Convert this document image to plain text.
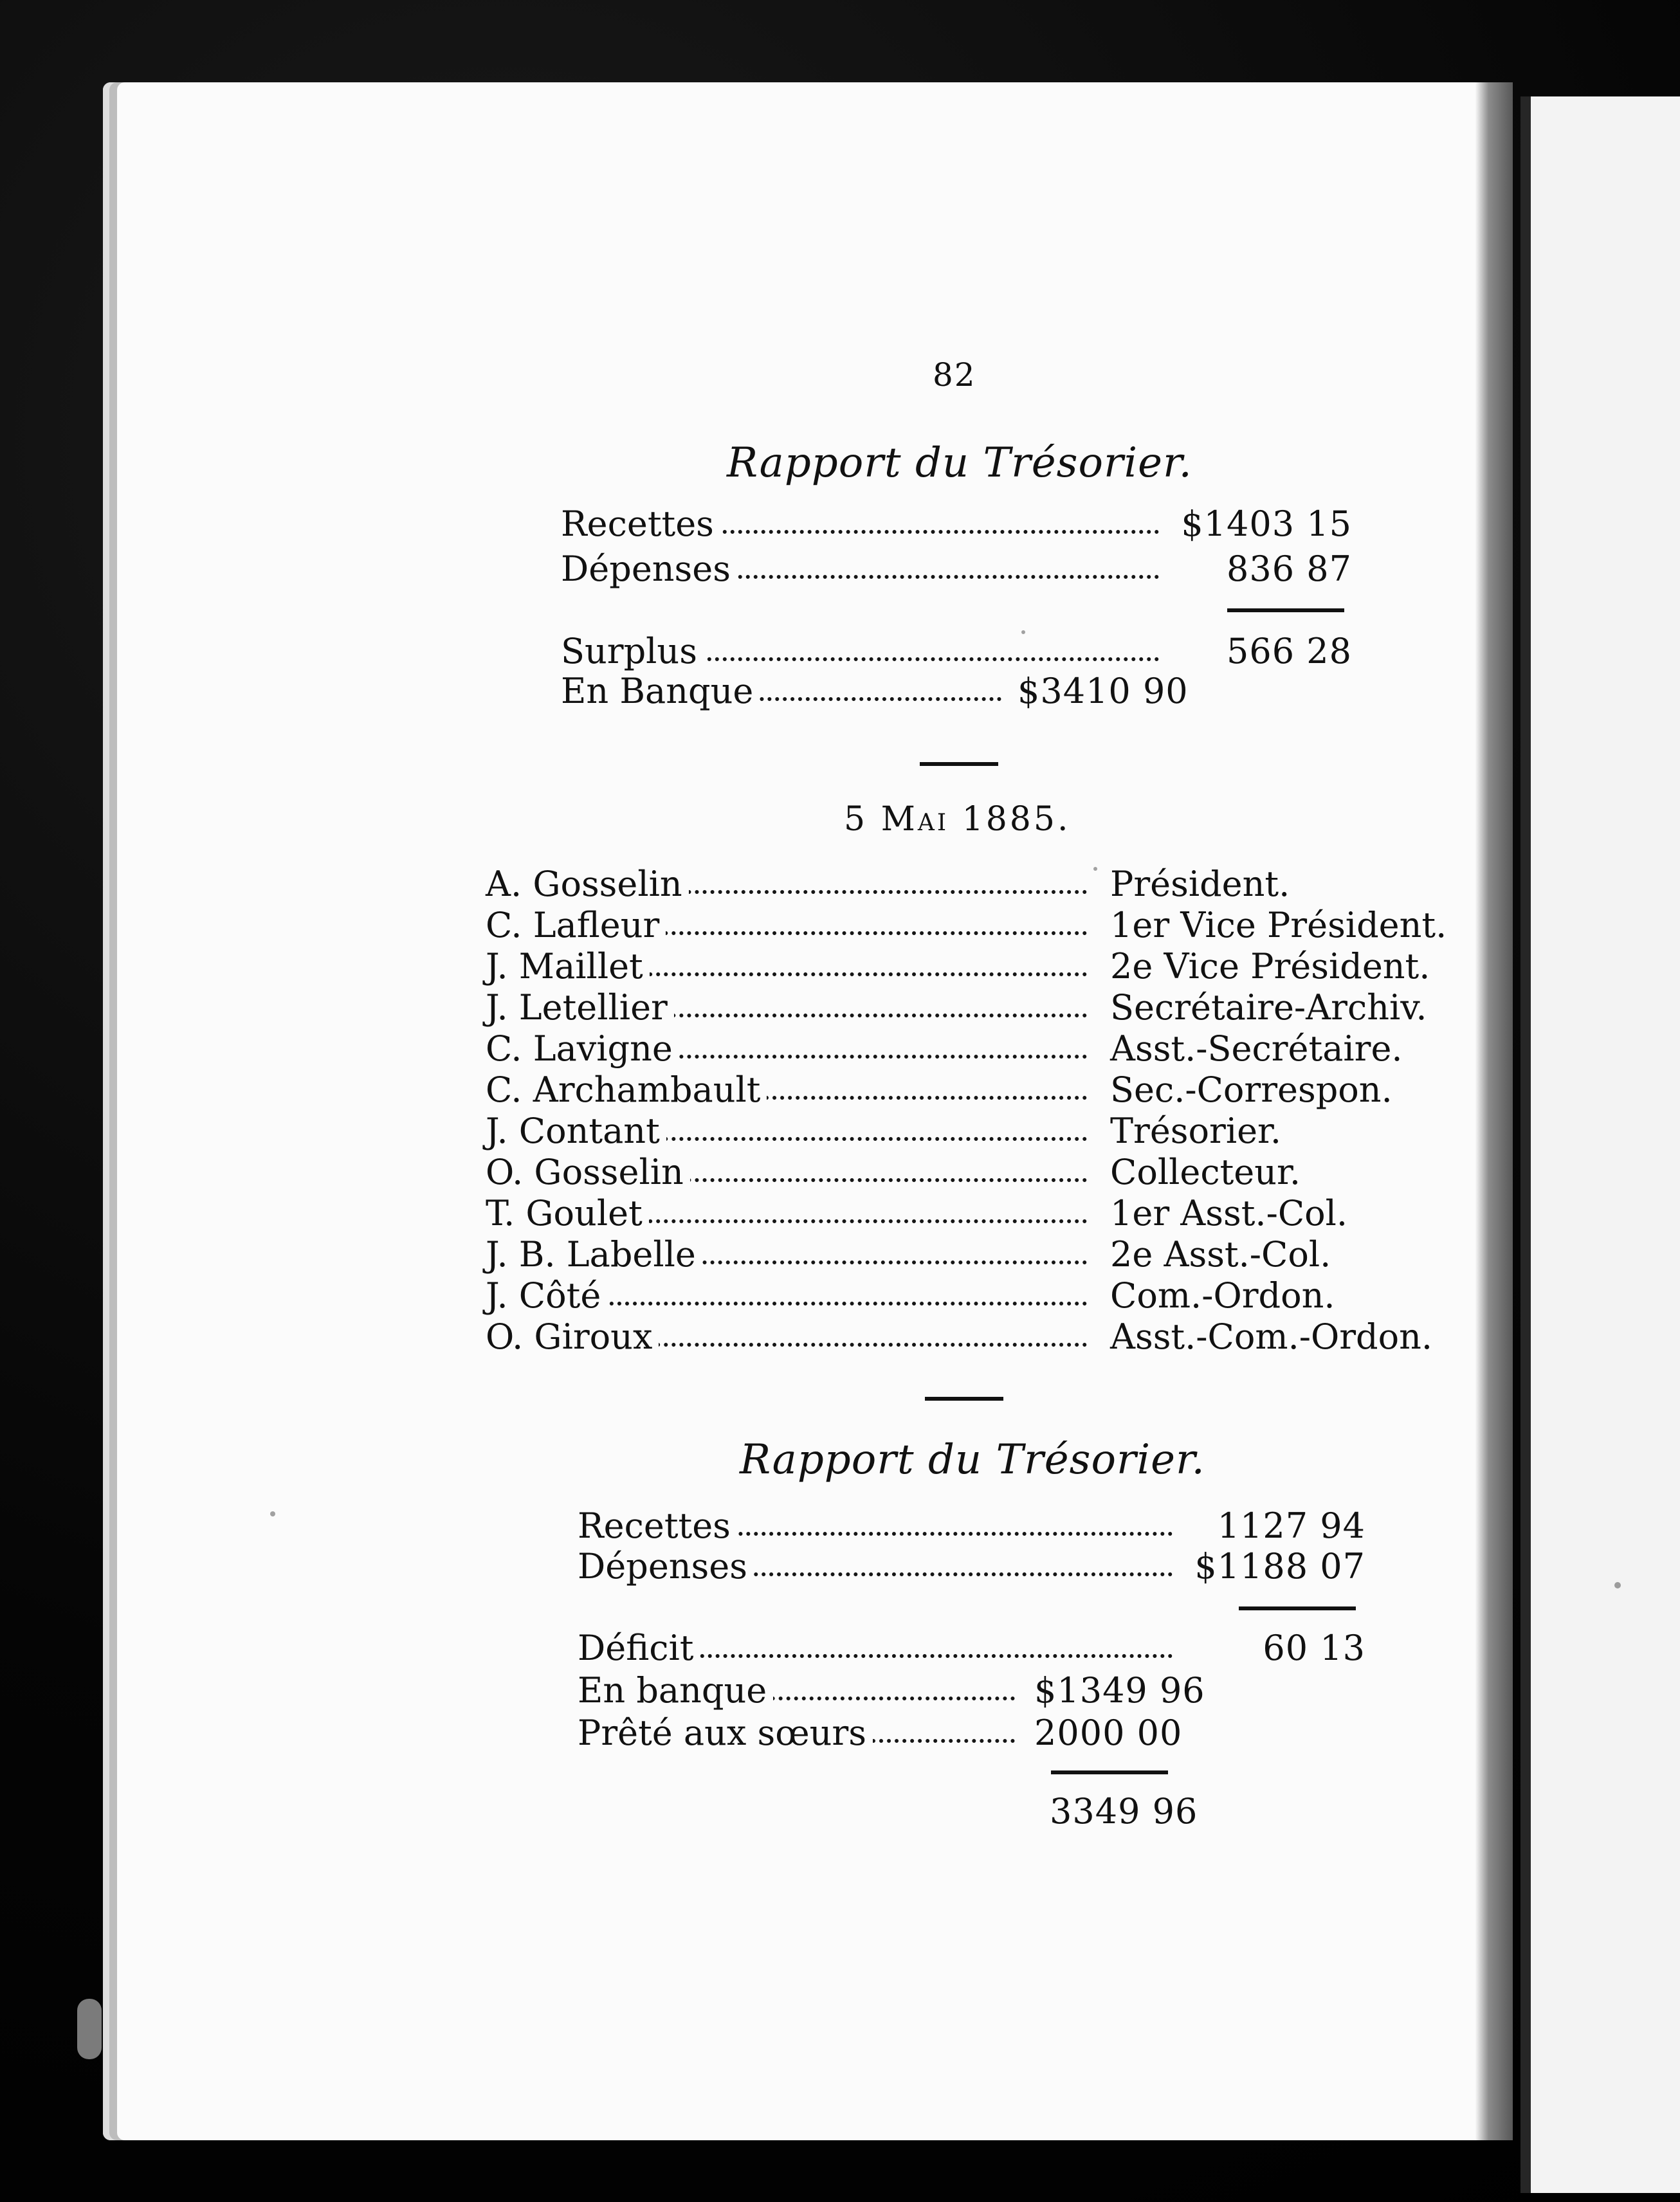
82
Rapport du Trésorier.
Recettes	$1403 15
Dépenses	836 87
Surplus	566 28
En Banque	$3410 90
5 Mai 1885.
A. Gosselin	Président.
C. Lafleur	1er Vice Président.
J. Maillet	2e Vice Président.
J. Letellier	Secrétaire-Archiv.
C. Lavigne	Asst.-Secrétaire.
C. Archambault	Sec.-Correspon.
J. Contant	Trésorier.
O. Gosselin	Collecteur.
T. Goulet	1er Asst.-Col.
J. B. Labelle	2e Asst.-Col.
J. Côté	Com.-Ordon.
O. Giroux	Asst.-Com.-Ordon.
Rapport du Trésorier.
Recettes	1127 94
Dépenses	$1188 07
Déficit	60 13
En banque	$1349 96
Prêté aux sœurs	2000 00
3349 96
